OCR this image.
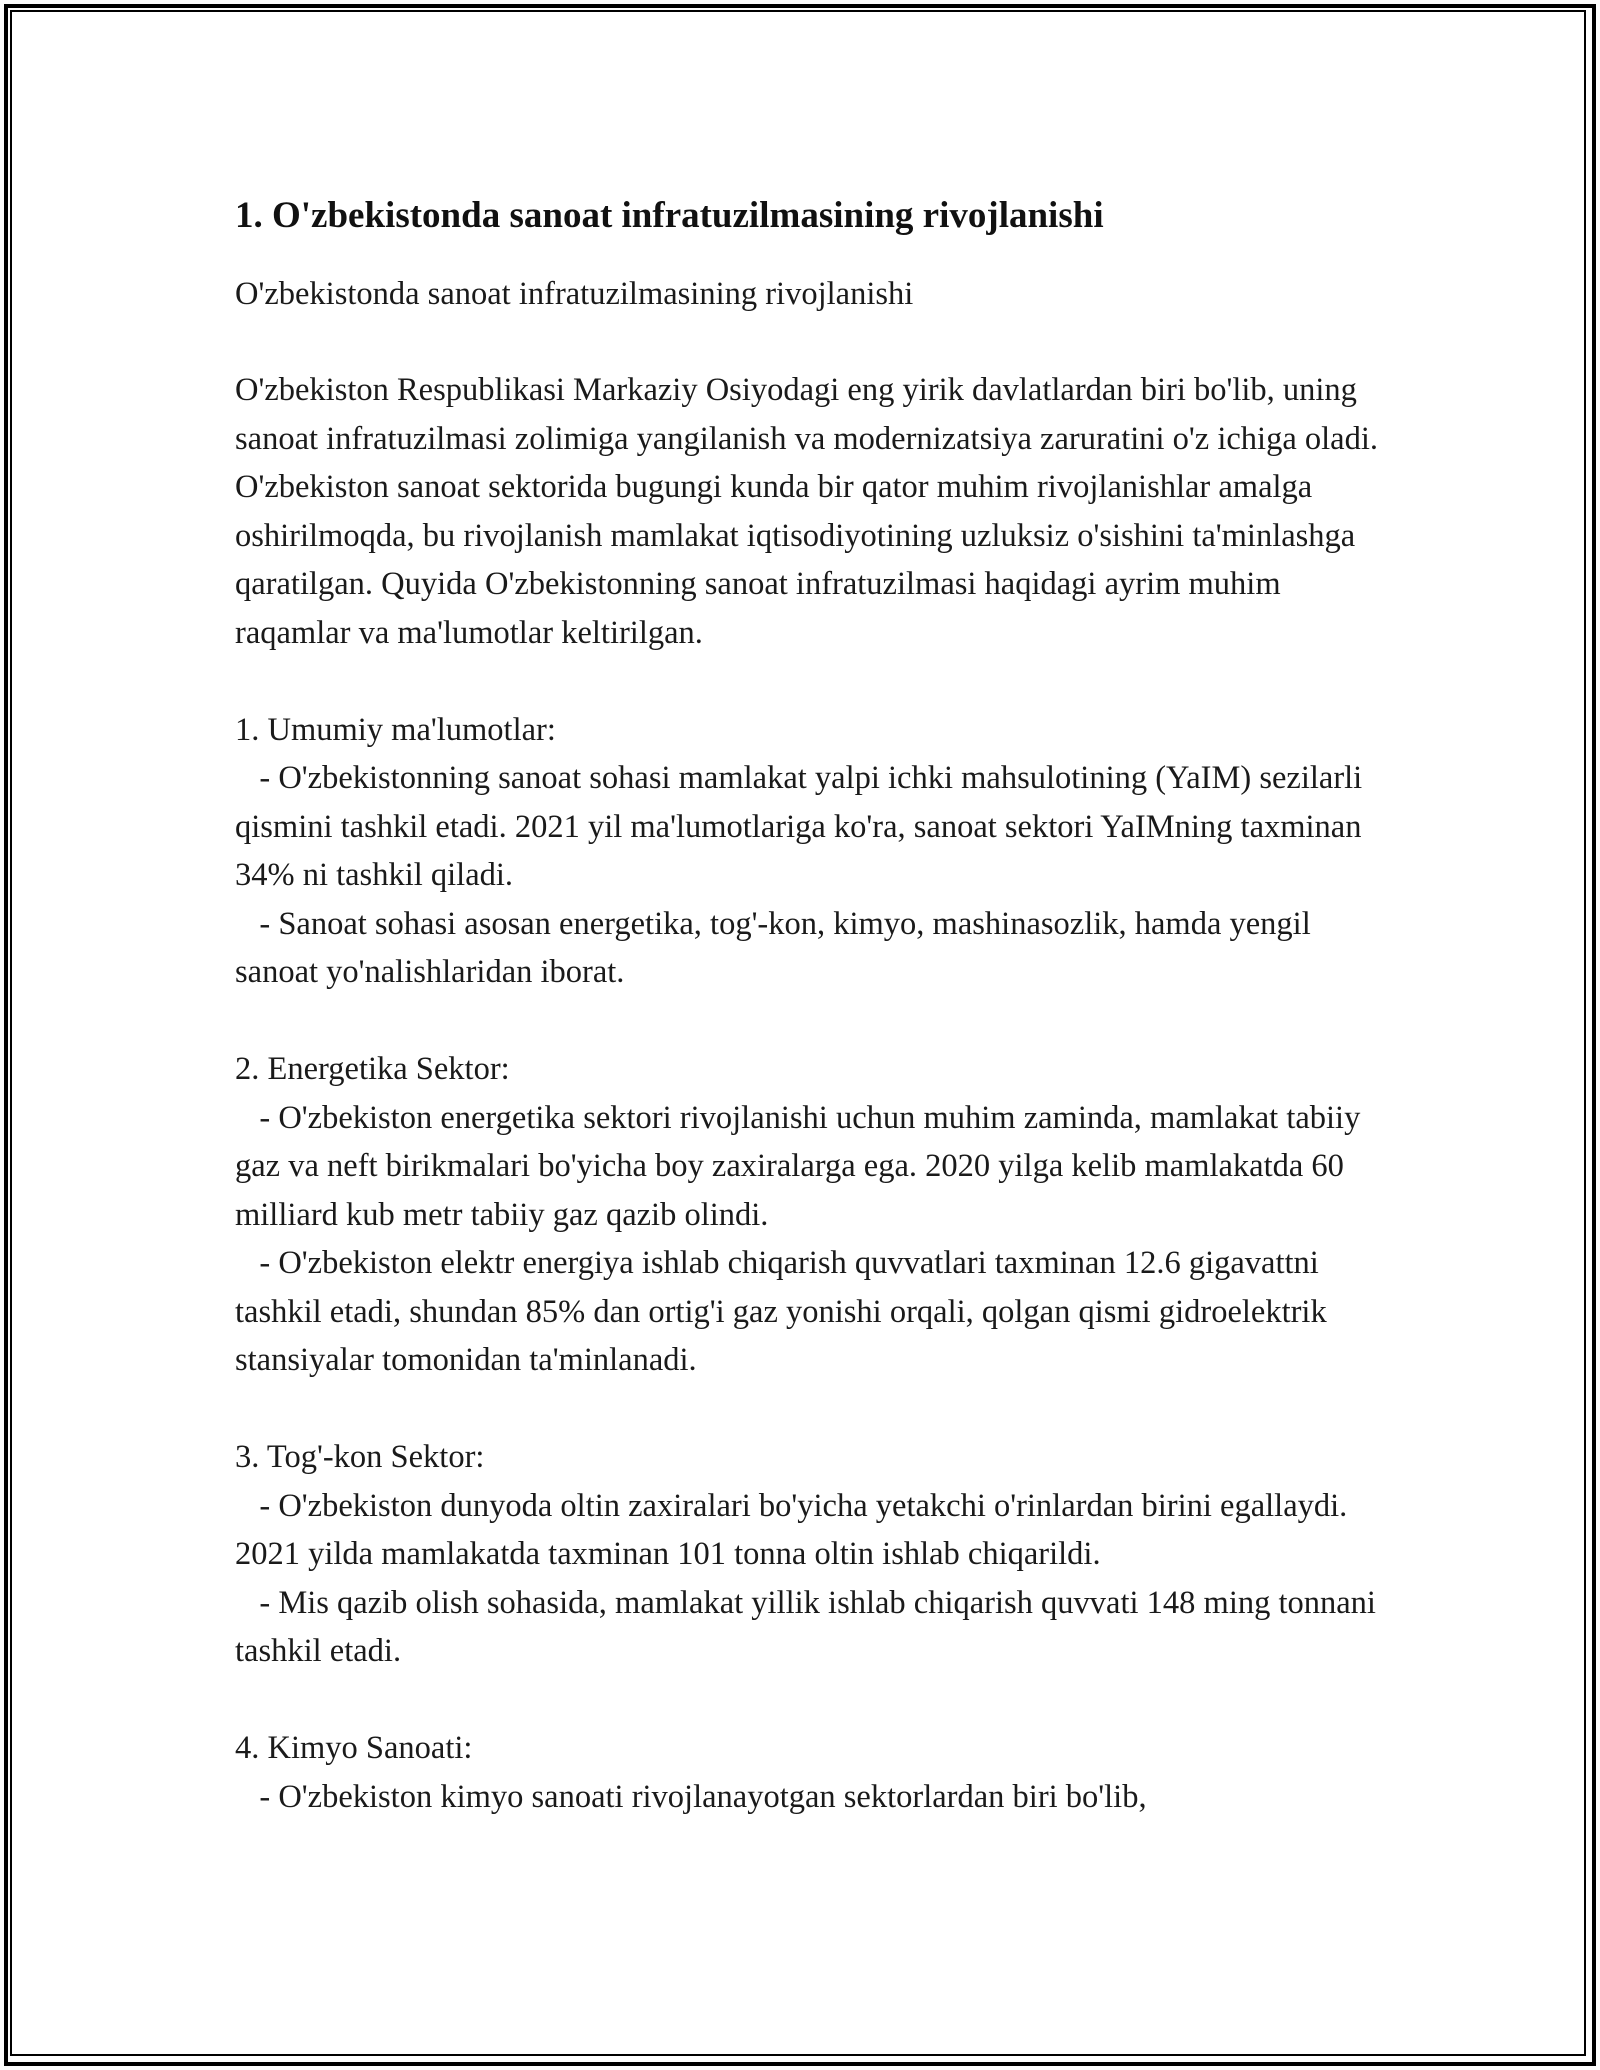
1. O'zbekistonda sanoat infratuzilmasining rivojlanishi

O'zbekistonda sanoat infratuzilmasining rivojlanishi

O'zbekiston Respublikasi Markaziy Osiyodagi eng yirik davlatlardan biri bo'lib, uning sanoat infratuzilmasi zolimiga yangilanish va modernizatsiya zaruratini o'z ichiga oladi. O'zbekiston sanoat sektorida bugungi kunda bir qator muhim rivojlanishlar amalga oshirilmoqda, bu rivojlanish mamlakat iqtisodiyotining uzluksiz o'sishini ta'minlashga qaratilgan. Quyida O'zbekistonning sanoat infratuzilmasi haqidagi ayrim muhim raqamlar va ma'lumotlar keltirilgan.

1. Umumiy ma'lumotlar:

- O'zbekistonning sanoat sohasi mamlakat yalpi ichki mahsulotining (YaIM) sezilarli qismini tashkil etadi. 2021 yil ma'lumotlariga ko'ra, sanoat sektori YaIMning taxminan 34% ni tashkil qiladi.

- Sanoat sohasi asosan energetika, tog'-kon, kimyo, mashinasozlik, hamda yengil sanoat yo'nalishlaridan iborat.

2. Energetika Sektor:

- O'zbekiston energetika sektori rivojlanishi uchun muhim zaminda, mamlakat tabiiy gaz va neft birikmalari bo'yicha boy zaxiralarga ega. 2020 yilga kelib mamlakatda 60 milliard kub metr tabiiy gaz qazib olindi.

- O'zbekiston elektr energiya ishlab chiqarish quvvatlari taxminan 12.6 gigavattni tashkil etadi, shundan 85% dan ortig'i gaz yonishi orqali, qolgan qismi gidroelektrik stansiyalar tomonidan ta'minlanadi.

3. Tog'-kon Sektor:

- O'zbekiston dunyoda oltin zaxiralari bo'yicha yetakchi o'rinlardan birini egallaydi. 2021 yilda mamlakatda taxminan 101 tonna oltin ishlab chiqarildi.

- Mis qazib olish sohasida, mamlakat yillik ishlab chiqarish quvvati 148 ming tonnani tashkil etadi.

4. Kimyo Sanoati:

- O'zbekiston kimyo sanoati rivojlanayotgan sektorlardan biri bo'lib,
